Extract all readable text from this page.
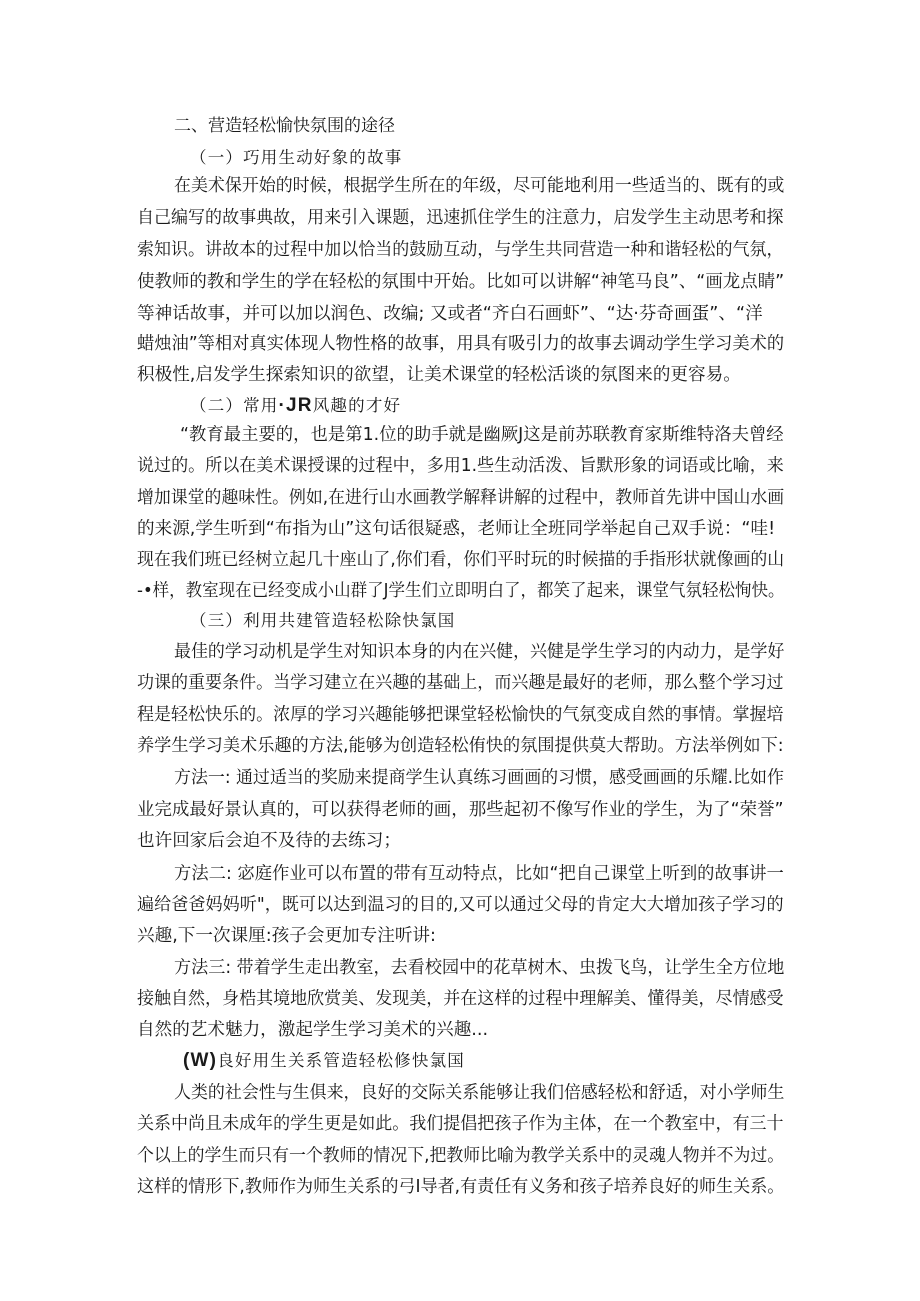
二、营造轻松愉快氛围的途径
（一）巧用生动好象的故事
在美术保开始的时候，根据学生所在的年级，尽可能地利用一些适当的、既有的或
自己编写的故事典故，用来引入课题，迅速抓住学生的注意力，启发学生主动思考和探
索知识。讲故本的过程中加以恰当的鼓励互动，与学生共同营造一种和谐轻松的气氛，
使教师的教和学生的学在轻松的氛围中开始。比如可以讲解“神笔马良”、“画龙点睛”
等神话故事，并可以加以润色、改编; 又或者“齐白石画虾”、“达·芬奇画蛋”、“洋
蜡烛油”等相对真实体现人物性格的故事，用具有吸引力的故事去调动学生学习美术的
积极性,启发学生探索知识的欲望，让美术课堂的轻松活谈的氛图来的更容易。
（二）常用·JR风趣的才好
“教育最主要的，也是第1.位的助手就是幽厥J这是前苏联教育家斯维特洛夫曾经
说过的。所以在美术课授课的过程中，多用1.些生动活泼、旨默形象的词语或比喻，来
增加课堂的趣味性。例如,在进行山水画教学解释讲解的过程中，教师首先讲中国山水画
的来源,学生听到“布指为山”这句话很疑惑，老师让全班同学举起自己双手说：“哇!
现在我们班已经树立起几十座山了,你们看，你们平时玩的时候描的手指形状就像画的山
-•样，教室现在已经变成小山群了J学生们立即明白了，都笑了起来，课堂气氛轻松恂快。
（三）利用共建管造轻松除快氯国
最佳的学习动机是学生对知识本身的内在兴健，兴健是学生学习的内动力，是学好
功课的重要条件。当学习建立在兴趣的基础上，而兴趣是最好的老师，那么整个学习过
程是轻松快乐的。浓厚的学习兴趣能够把课堂轻松愉快的气氛变成自然的事情。掌握培
养学生学习美术乐趣的方法,能够为创造轻松侑快的氛围提供莫大帮助。方法举例如下:
方法一: 通过适当的奖励来提商学生认真练习画画的习惯，感受画画的乐耀.比如作
业完成最好景认真的，可以获得老师的画，那些起初不像写作业的学生，为了“荣誉”
也许回家后会迫不及待的去练习；
方法二: 宓庭作业可以布置的带有互动特点，比如“把自己课堂上听到的故事讲一
遍给爸爸妈妈听"，既可以达到温习的目的,又可以通过父母的肯定大大增加孩子学习的
兴趣,下一次课厘:孩子会更加专注听讲:
方法三: 带着学生走出教室，去看校园中的花草树木、虫拨飞鸟，让学生全方位地
接触自然，身梏其境地欣赏美、发现美，并在这样的过程中理解美、懂得美，尽情感受
自然的艺术魅力，激起学生学习美术的兴趣...
(W)良好用生关系管造轻松修快氯国
人类的社会性与生俱来，良好的交际关系能够让我们倍感轻松和舒适，对小学师生
关系中尚且未成年的学生更是如此。我们提倡把孩子作为主体，在一个教室中，有三十
个以上的学生而只有一个教师的情况下,把教师比喻为教学关系中的灵魂人物并不为过。
这样的情形下,教师作为师生关系的弓I导者,有责任有义务和孩子培养良好的师生关系。
